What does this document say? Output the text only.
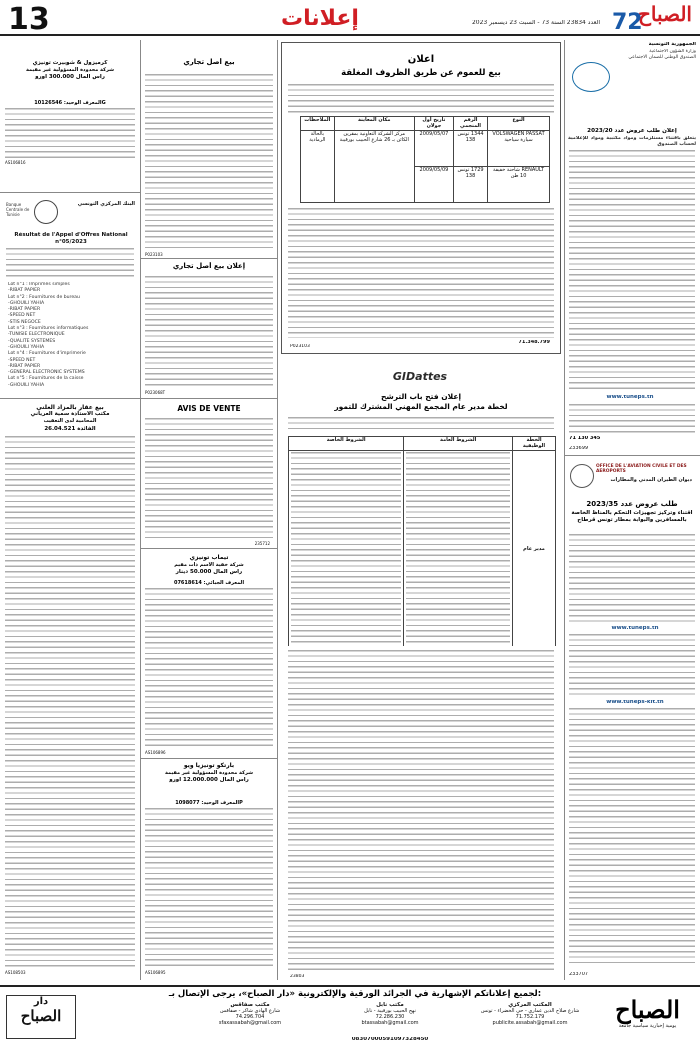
13	إعلانات	العدد 23834 السنة 73 - السبت 23 ديسمبر 2023 الصباح
72
الجمهورية التونسية
وزارة الشؤون الاجتماعية
الصندوق الوطني للضمان الاجتماعي
إعلان طلب عروض عدد 2023/20
يتعلق باقتناء مستلزمات ومواد مكتبية ومواد للإعلامية لحساب الصندوق
www.tuneps.tn
71 130 345
233699
OFFICE DE L'AVIATION CIVILE ET DES AEROPORTS
ديوان الطيران المدني والمطارات
طلب عروض عدد 2023/35
اقتناء وتركيز تجهيزات التحكم بالمناظ الخاصة بالمسافرين والبوابة بمطار تونس قرطاج
www.tuneps.tn
www.tuneps-kit.tn
233707
اعلان
بيع للعموم عن طريق الظروف المغلقة
النوع	الرقم المنجمي	تاريخ أول جولان	مكان المعاينة	الملاحظات
VOLSWAGEN PASSAT سيارة سياحية	1344 تونس 138	2009/05/07	مركز الشركة التعاونية بمقرين الكائن بـ 26 شارع الحبيب بورقيبة	بالحالة الرمادية
RENAULT شاحنة خفيفة 10 طن	1729 تونس 138	2009/05/09		
71.348.799
P023103
GIDattes
إعلان فتح باب الترشح
لخطة مدير عام المجمع المهني المشترك للتمور
الخطة الوظيفية	الشروط العامة	الشروط الخاصة
مدير عام	

23803
بيع أصل تجاري
P023103
إعلان بيع أصل تجاري
P023068T
AVIS DE VENTE
235712
تيماب تونيزي
شركة خفية الاسم ذات مقيم
رأس المال 50.000 دينار
المعرف الجبائي: 07618614
AS106896
بارتكو تونيزيا ويو
شركة محدودة المسؤولية غير مقيمة
رأس المال 12.000.000 أورو
المعرف الوحيد: 1098077P
AS106895
كرميزول & شوبيرت تونيزي
شركة محدودة المسؤولية غير مقيمة
رأس المال 300.000 أورو
المعرف الوحيد: 10126546G
AS106816
Banque Centrale de Tunisie
البنك المركزي التونسي
Résultat de l'Appel d'Offres National n°05/2023
Lot n°1 : Imprimés simples
-RIBAT PAPIER
Lot n°2 : Fournitures de bureau
-GHOUILI YAHIA
-RIBAT PAPIER
-SPEED NET
-STIS NEGOCE
Lot n°3 : Fournitures informatiques
-TUNISIE ELECTRONIQUE
-QUALITE SYSTEMES
-GHOUILI YAHIA
Lot n°4 : Fournitures d'imprimerie
-SPEED NET
-RIBAT PAPIER
-GENERAL ELECTRONIC SYSTEMS
Lot n°5 : Fournitures de la caisse
-GHOUILI YAHIA
بيع عقار بالمزاد العلني
مكتب الأستاذة سمية العرياني
المحامية لدى التعقيب
الفائدة 26.04.521
AS108503
لجميع إعلاناتكم الإشهارية في الجرائد الورقية والإلكترونية «دار الصباح»، يرجى الإتصال بـ:
الصباح
يومية إخبارية سياسية جامعة
دار
الصباح
المكتب المركزي
شارع صلاح الدين عماري - حي الخضراء - تونس
71.752.179
publicite.assabah@gmail.com
مكتب نابل
نهج الحبيب بورقيبة - نابل
72.286.230
btassabah@gmail.com
مكتب صفاقس
شارع الهادي شاكر - صفاقس
74.296.704
sfaxassabah@gmail.com
08307000591097328450
